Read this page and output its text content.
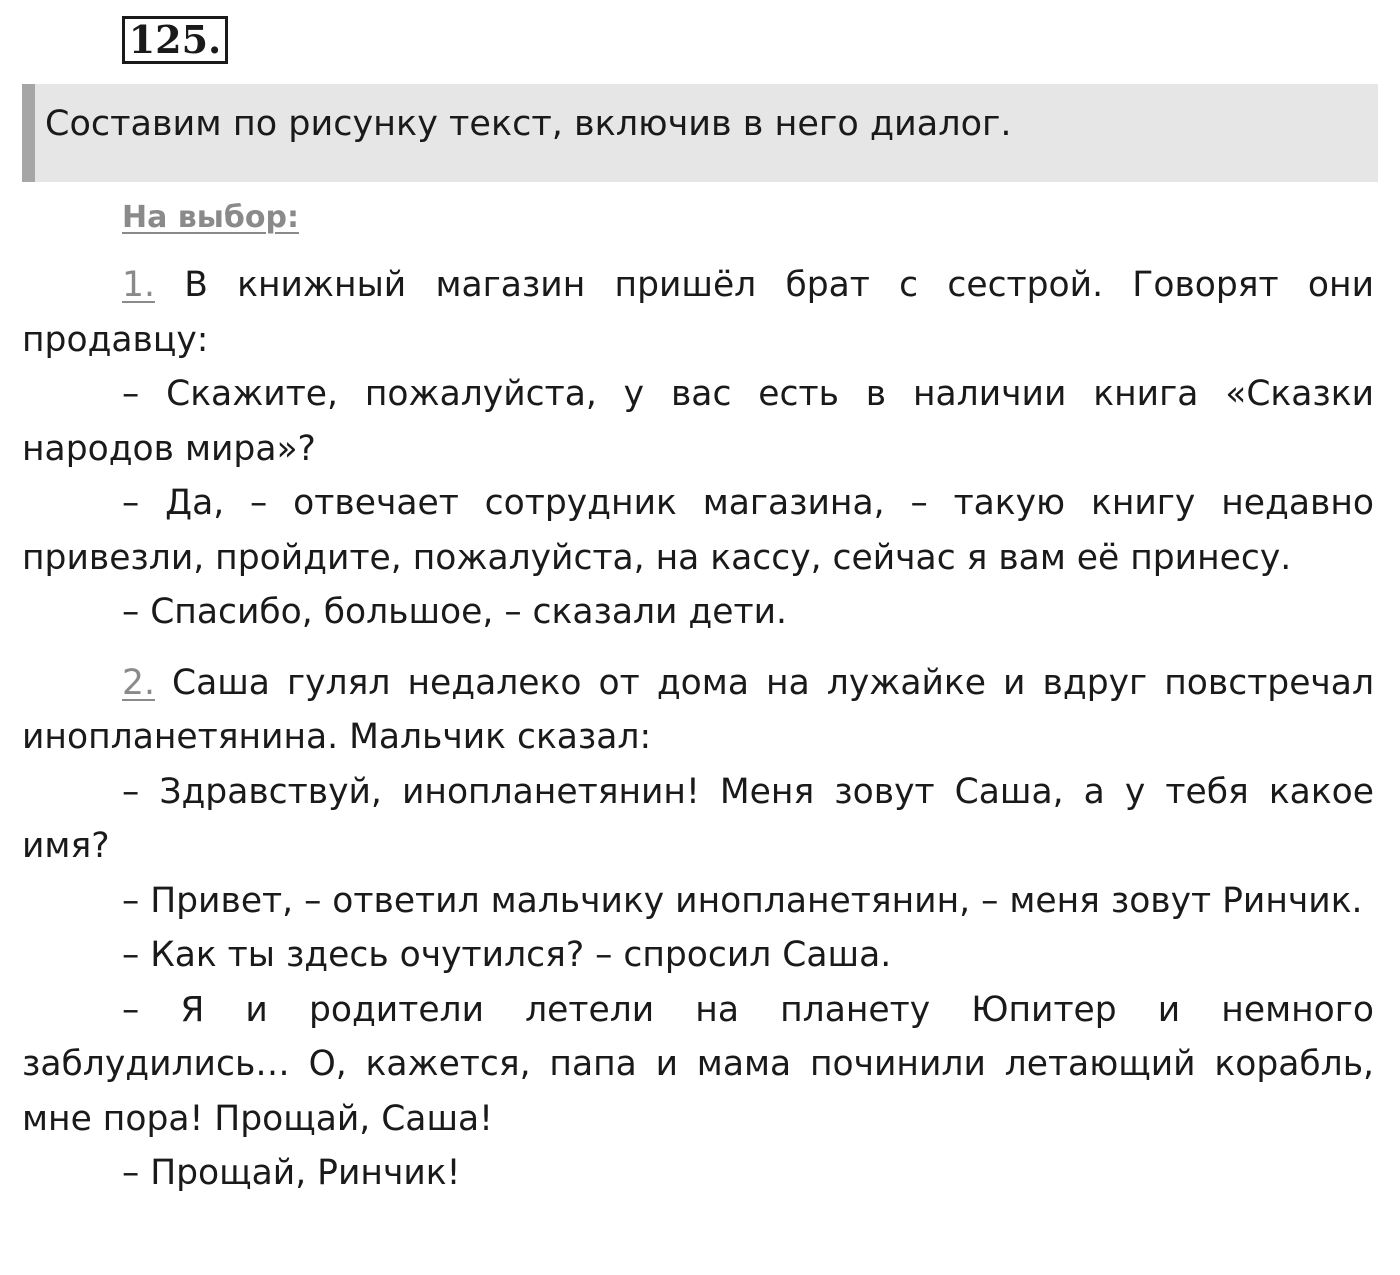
125.
Составим по рисунку текст, включив в него диалог.
На выбор:

1. В книжный магазин пришёл брат с сестрой. Говорят они продавцу:

– Скажите, пожалуйста, у вас есть в наличии книга «Сказки народов мира»?

– Да, – отвечает сотрудник магазина, – такую книгу недавно привезли, пройдите, пожалуйста, на кассу, сейчас я вам её принесу.

– Спасибо, большое, – сказали дети.

2. Саша гулял недалеко от дома на лужайке и вдруг повстречал инопланетянина. Мальчик сказал:

– Здравствуй, инопланетянин! Меня зовут Саша, а у тебя какое имя?

– Привет, – ответил мальчику инопланетянин, – меня зовут Ринчик.

– Как ты здесь очутился? – спросил Саша.

– Я и родители летели на планету Юпитер и немного заблудились… О, кажется, папа и мама починили летающий корабль, мне пора! Прощай, Саша!

– Прощай, Ринчик!
